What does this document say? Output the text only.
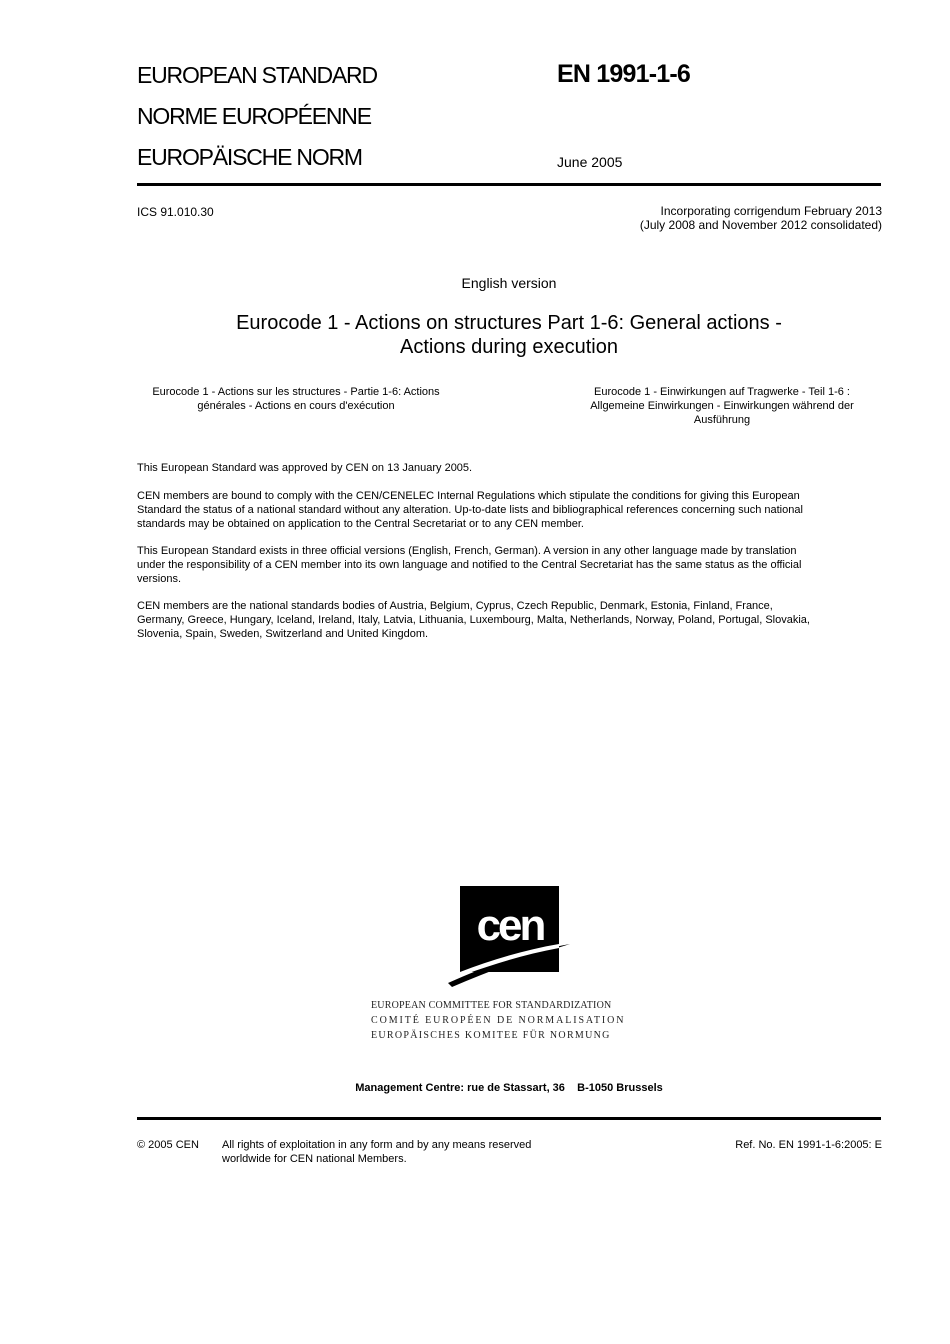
EUROPEAN STANDARD
NORME EUROPÉENNE
EUROPÄISCHE NORM
EN 1991-1-6
June 2005
ICS 91.010.30	Incorporating corrigendum February 2013
(July 2008 and November 2012 consolidated)
English version
Eurocode 1 - Actions on structures Part 1-6: General actions -
Actions during execution
Eurocode 1 - Actions sur les structures - Partie 1-6: Actions
générales - Actions en cours d'exécution
Eurocode 1 - Einwirkungen auf Tragwerke - Teil 1-6 :
Allgemeine Einwirkungen - Einwirkungen während der
Ausführung
This European Standard was approved by CEN on 13 January 2005.
CEN members are bound to comply with the CEN/CENELEC Internal Regulations which stipulate the conditions for giving this European
Standard the status of a national standard without any alteration. Up-to-date lists and bibliographical references concerning such national
standards may be obtained on application to the Central Secretariat or to any CEN member.
This European Standard exists in three official versions (English, French, German). A version in any other language made by translation
under the responsibility of a CEN member into its own language and notified to the Central Secretariat has the same status as the official
versions.
CEN members are the national standards bodies of Austria, Belgium, Cyprus, Czech Republic, Denmark, Estonia, Finland, France,
Germany, Greece, Hungary, Iceland, Ireland, Italy, Latvia, Lithuania, Luxembourg, Malta, Netherlands, Norway, Poland, Portugal, Slovakia,
Slovenia, Spain, Sweden, Switzerland and United Kingdom.
cen
EUROPEAN COMMITTEE FOR STANDARDIZATION
COMITÉ EUROPÉEN DE NORMALISATION
EUROPÄISCHES KOMITEE FÜR NORMUNG
Management Centre: rue de Stassart, 36    B-1050 Brussels
© 2005 CEN All rights of exploitation in any form and by any means reserved
worldwide for CEN national Members.
Ref. No. EN 1991-1-6:2005: E
